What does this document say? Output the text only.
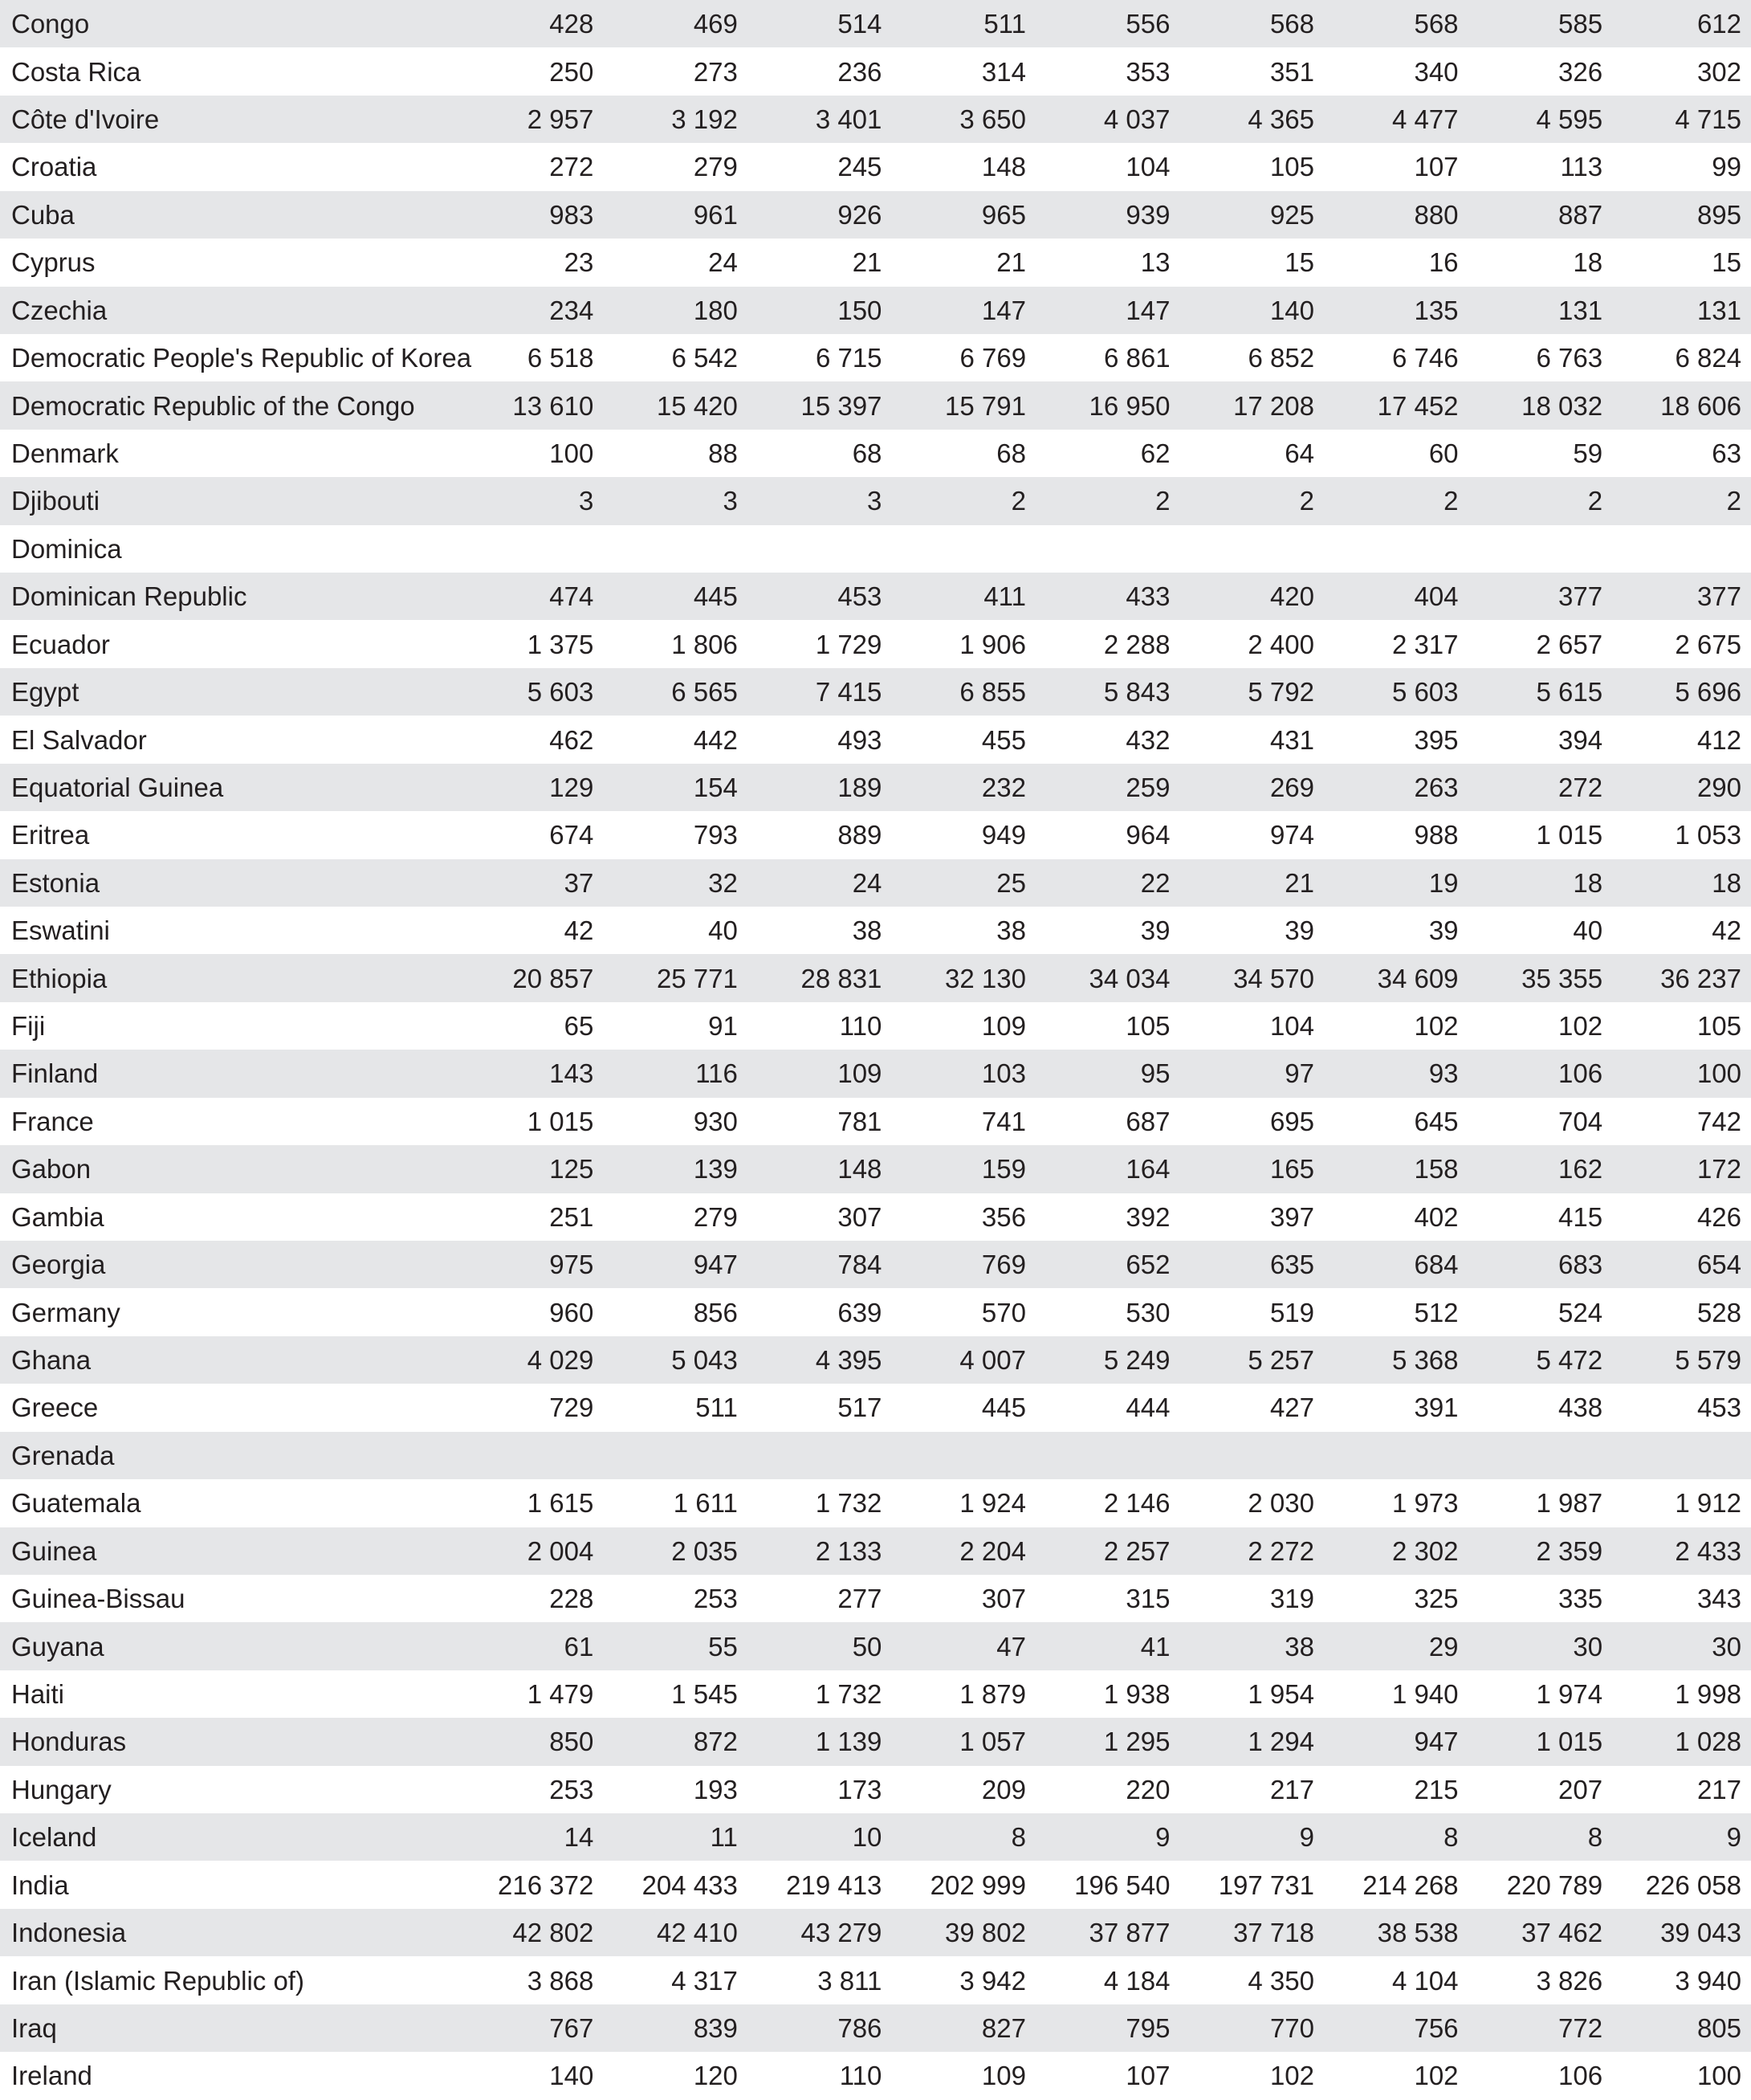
Congo	428	469	514	511	556	568	568	585	612
Costa Rica	250	273	236	314	353	351	340	326	302
Côte d'Ivoire	2 957	3 192	3 401	3 650	4 037	4 365	4 477	4 595	4 715
Croatia	272	279	245	148	104	105	107	113	99
Cuba	983	961	926	965	939	925	880	887	895
Cyprus	23	24	21	21	13	15	16	18	15
Czechia	234	180	150	147	147	140	135	131	131
Democratic People's Republic of Korea	6 518	6 542	6 715	6 769	6 861	6 852	6 746	6 763	6 824
Democratic Republic of the Congo	13 610	15 420	15 397	15 791	16 950	17 208	17 452	18 032	18 606
Denmark	100	88	68	68	62	64	60	59	63
Djibouti	3	3	3	2	2	2	2	2	2
Dominica
Dominican Republic	474	445	453	411	433	420	404	377	377
Ecuador	1 375	1 806	1 729	1 906	2 288	2 400	2 317	2 657	2 675
Egypt	5 603	6 565	7 415	6 855	5 843	5 792	5 603	5 615	5 696
El Salvador	462	442	493	455	432	431	395	394	412
Equatorial Guinea	129	154	189	232	259	269	263	272	290
Eritrea	674	793	889	949	964	974	988	1 015	1 053
Estonia	37	32	24	25	22	21	19	18	18
Eswatini	42	40	38	38	39	39	39	40	42
Ethiopia	20 857	25 771	28 831	32 130	34 034	34 570	34 609	35 355	36 237
Fiji	65	91	110	109	105	104	102	102	105
Finland	143	116	109	103	95	97	93	106	100
France	1 015	930	781	741	687	695	645	704	742
Gabon	125	139	148	159	164	165	158	162	172
Gambia	251	279	307	356	392	397	402	415	426
Georgia	975	947	784	769	652	635	684	683	654
Germany	960	856	639	570	530	519	512	524	528
Ghana	4 029	5 043	4 395	4 007	5 249	5 257	5 368	5 472	5 579
Greece	729	511	517	445	444	427	391	438	453
Grenada
Guatemala	1 615	1 611	1 732	1 924	2 146	2 030	1 973	1 987	1 912
Guinea	2 004	2 035	2 133	2 204	2 257	2 272	2 302	2 359	2 433
Guinea-Bissau	228	253	277	307	315	319	325	335	343
Guyana	61	55	50	47	41	38	29	30	30
Haiti	1 479	1 545	1 732	1 879	1 938	1 954	1 940	1 974	1 998
Honduras	850	872	1 139	1 057	1 295	1 294	947	1 015	1 028
Hungary	253	193	173	209	220	217	215	207	217
Iceland	14	11	10	8	9	9	8	8	9
India	216 372	204 433	219 413	202 999	196 540	197 731	214 268	220 789	226 058
Indonesia	42 802	42 410	43 279	39 802	37 877	37 718	38 538	37 462	39 043
Iran (Islamic Republic of)	3 868	4 317	3 811	3 942	4 184	4 350	4 104	3 826	3 940
Iraq	767	839	786	827	795	770	756	772	805
Ireland	140	120	110	109	107	102	102	106	100
